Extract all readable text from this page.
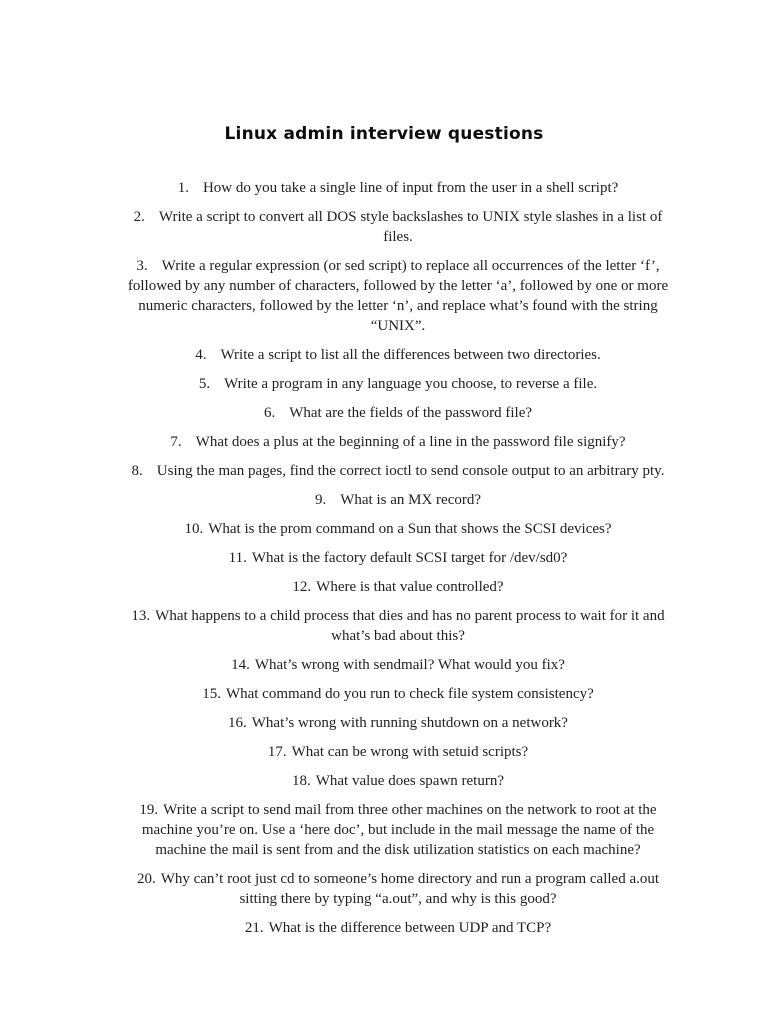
Linux admin interview questions
1. How do you take a single line of input from the user in a shell script?
2. Write a script to convert all DOS style backslashes to UNIX style slashes in a list of files.
3. Write a regular expression (or sed script) to replace all occurrences of the letter ‘f’, followed by any number of characters, followed by the letter ‘a’, followed by one or more numeric characters, followed by the letter ‘n’, and replace what’s found with the string “UNIX”.
4. Write a script to list all the differences between two directories.
5. Write a program in any language you choose, to reverse a file.
6. What are the fields of the password file?
7. What does a plus at the beginning of a line in the password file signify?
8. Using the man pages, find the correct ioctl to send console output to an arbitrary pty.
9. What is an MX record?
10. What is the prom command on a Sun that shows the SCSI devices?
11. What is the factory default SCSI target for /dev/sd0?
12. Where is that value controlled?
13. What happens to a child process that dies and has no parent process to wait for it and what’s bad about this?
14. What’s wrong with sendmail? What would you fix?
15. What command do you run to check file system consistency?
16. What’s wrong with running shutdown on a network?
17. What can be wrong with setuid scripts?
18. What value does spawn return?
19. Write a script to send mail from three other machines on the network to root at the machine you’re on. Use a ‘here doc’, but include in the mail message the name of the machine the mail is sent from and the disk utilization statistics on each machine?
20. Why can’t root just cd to someone’s home directory and run a program called a.out sitting there by typing “a.out”, and why is this good?
21. What is the difference between UDP and TCP?
